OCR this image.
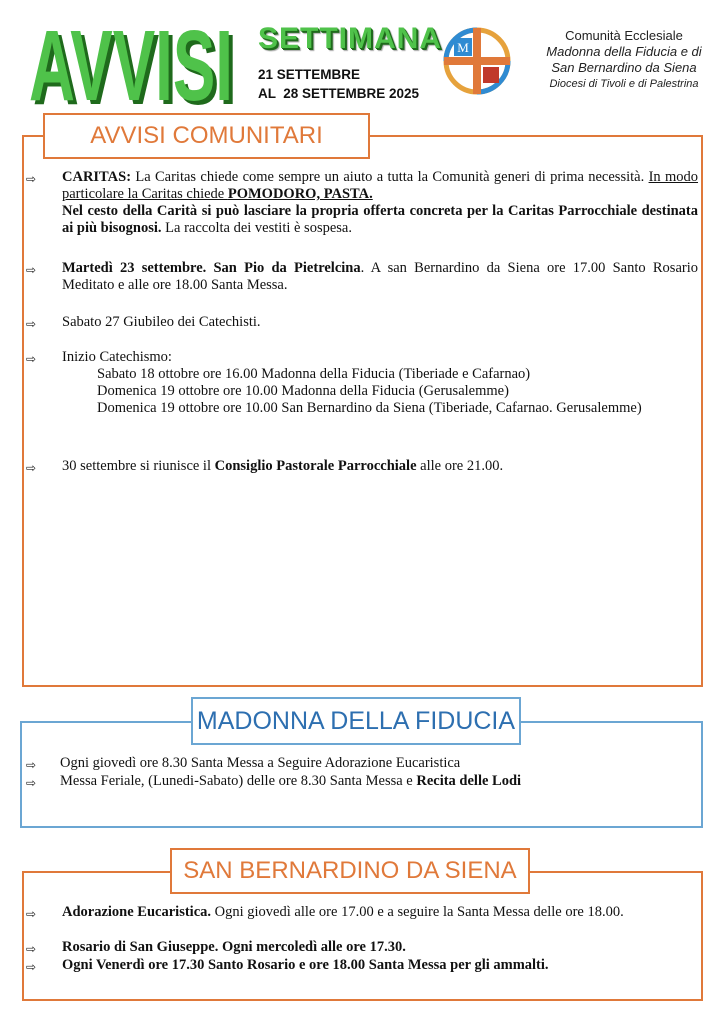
AVVISI
AVVISI SETTIMANA
21 SETTEMBRE
AL  28 SETTEMBRE 2025
M
Comunità Ecclesiale
Madonna della Fiducia e di
San Bernardino da Siena
Diocesi di Tivoli e di Palestrina
AVVISI COMUNITARI
⇨ CARITAS: La Caritas chiede come sempre un aiuto a tutta la Comunità generi di prima necessità. In modo particolare la Caritas chiede POMODORO, PASTA.
Nel cesto della Carità si può lasciare la propria offerta concreta per la Caritas Parrocchiale destinata ai più bisognosi. La raccolta dei vestiti è sospesa.
⇨ Martedì 23 settembre. San Pio da Pietrelcina. A san Bernardino da Siena ore 17.00 Santo Rosario Meditato e alle ore 18.00 Santa Messa.
⇨ Sabato 27 Giubileo dei Catechisti.
⇨ Inizio Catechismo:
Sabato 18 ottobre ore 16.00 Madonna della Fiducia (Tiberiade e Cafarnao)
Domenica 19 ottobre ore 10.00 Madonna della Fiducia (Gerusalemme)
Domenica 19 ottobre ore 10.00 San Bernardino da Siena (Tiberiade, Cafarnao. Gerusalemme)
⇨ 30 settembre si riunisce il Consiglio Pastorale Parrocchiale alle ore 21.00.
MADONNA DELLA FIDUCIA
⇨ Ogni giovedì ore 8.30 Santa Messa a Seguire Adorazione Eucaristica
⇨ Messa Feriale, (Lunedi-Sabato) delle ore 8.30 Santa Messa e Recita delle Lodi
SAN BERNARDINO DA SIENA
⇨ Adorazione Eucaristica. Ogni giovedì alle ore 17.00 e a seguire la Santa Messa delle ore 18.00.
⇨ Rosario di San Giuseppe. Ogni mercoledì alle ore 17.30.
⇨ Ogni Venerdì ore 17.30 Santo Rosario e ore 18.00 Santa Messa per gli ammalti.
